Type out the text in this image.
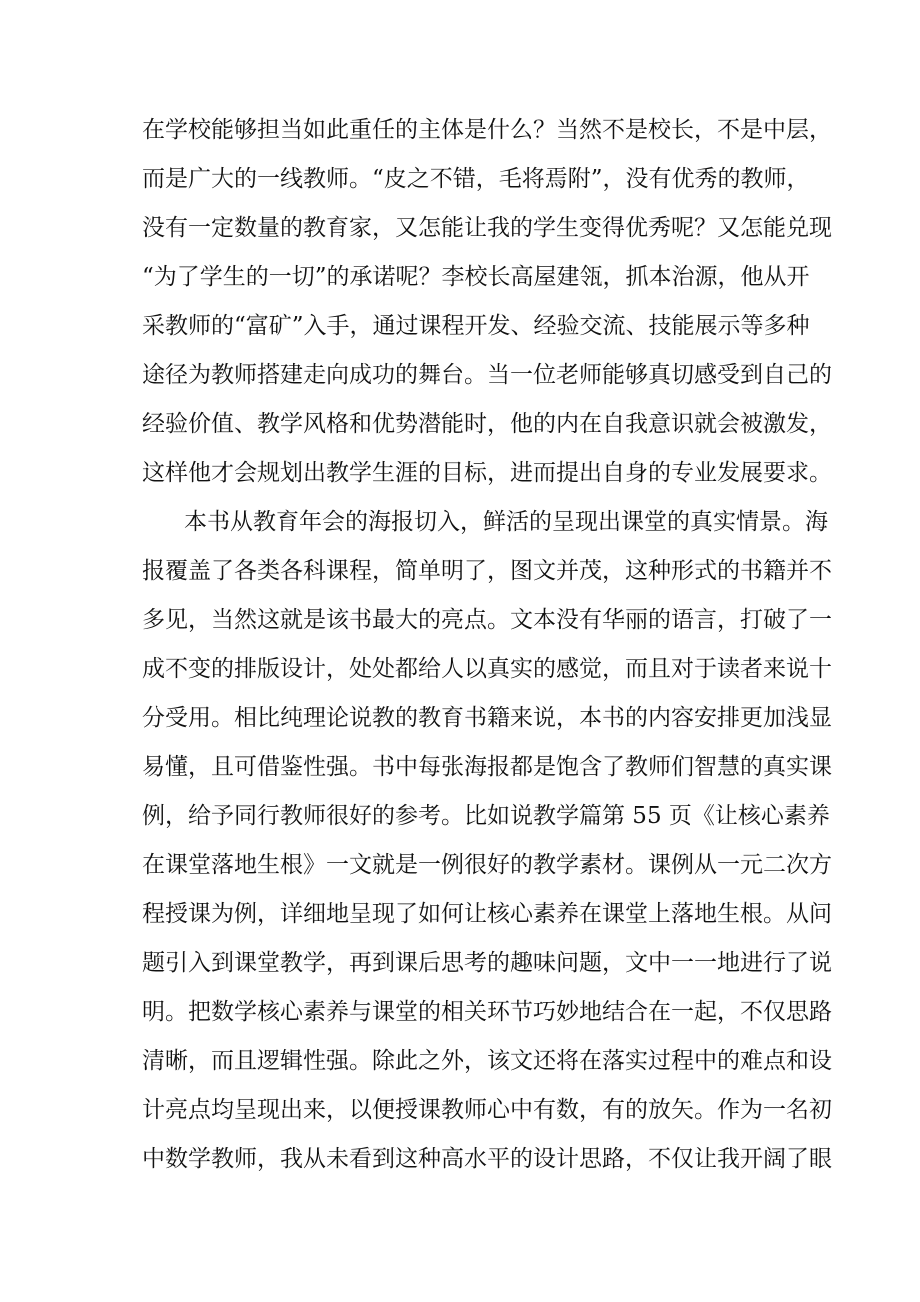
在学校能够担当如此重任的主体是什么？当然不是校长，不是中层，
而是广大的一线教师。“皮之不错，毛将焉附”，没有优秀的教师，
没有一定数量的教育家，又怎能让我的学生变得优秀呢？又怎能兑现
“为了学生的一切”的承诺呢？李校长高屋建瓴，抓本治源，他从开
采教师的“富矿”入手，通过课程开发、经验交流、技能展示等多种
途径为教师搭建走向成功的舞台。当一位老师能够真切感受到自己的
经验价值、教学风格和优势潜能时，他的内在自我意识就会被激发，
这样他才会规划出教学生涯的目标，进而提出自身的专业发展要求。
本书从教育年会的海报切入，鲜活的呈现出课堂的真实情景。海
报覆盖了各类各科课程，简单明了，图文并茂，这种形式的书籍并不
多见，当然这就是该书最大的亮点。文本没有华丽的语言，打破了一
成不变的排版设计，处处都给人以真实的感觉，而且对于读者来说十
分受用。相比纯理论说教的教育书籍来说，本书的内容安排更加浅显
易懂，且可借鉴性强。书中每张海报都是饱含了教师们智慧的真实课
例，给予同行教师很好的参考。比如说教学篇第 55 页《让核心素养
在课堂落地生根》一文就是一例很好的教学素材。课例从一元二次方
程授课为例，详细地呈现了如何让核心素养在课堂上落地生根。从问
题引入到课堂教学，再到课后思考的趣味问题，文中一一地进行了说
明。把数学核心素养与课堂的相关环节巧妙地结合在一起，不仅思路
清晰，而且逻辑性强。除此之外，该文还将在落实过程中的难点和设
计亮点均呈现出来，以便授课教师心中有数，有的放矢。作为一名初
中数学教师，我从未看到这种高水平的设计思路，不仅让我开阔了眼
